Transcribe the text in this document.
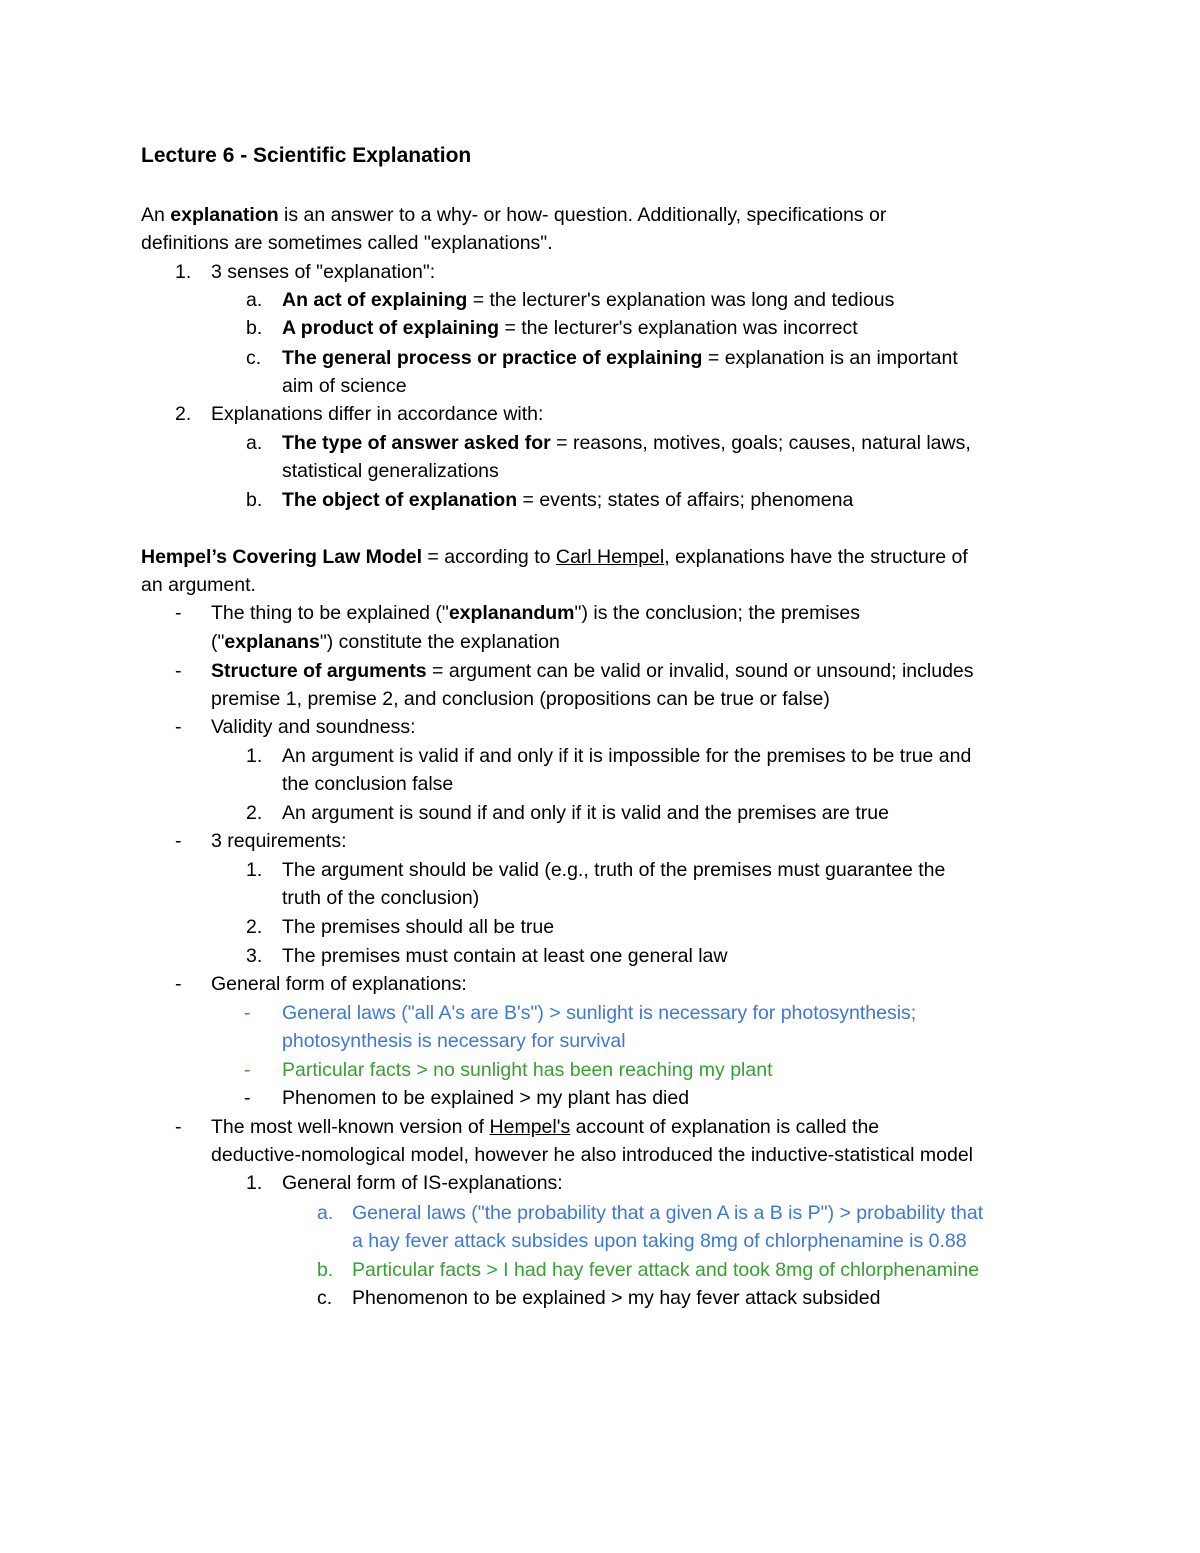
Lecture 6 - Scientific Explanation
An explanation is an answer to a why- or how- question. Additionally, specifications or
definitions are sometimes called "explanations".
1. 3 senses of "explanation":
a. An act of explaining = the lecturer's explanation was long and tedious
b. A product of explaining = the lecturer's explanation was incorrect
c. The general process or practice of explaining = explanation is an important
aim of science
2. Explanations differ in accordance with:
a. The type of answer asked for = reasons, motives, goals; causes, natural laws,
statistical generalizations
b. The object of explanation = events; states of affairs; phenomena
Hempel’s Covering Law Model = according to Carl Hempel, explanations have the structure of
an argument.
- The thing to be explained ("explanandum") is the conclusion; the premises
("explanans") constitute the explanation
- Structure of arguments = argument can be valid or invalid, sound or unsound; includes
premise 1, premise 2, and conclusion (propositions can be true or false)
- Validity and soundness:
1. An argument is valid if and only if it is impossible for the premises to be true and
the conclusion false
2. An argument is sound if and only if it is valid and the premises are true
- 3 requirements:
1. The argument should be valid (e.g., truth of the premises must guarantee the
truth of the conclusion)
2. The premises should all be true
3. The premises must contain at least one general law
- General form of explanations:
- General laws ("all A's are B's") > sunlight is necessary for photosynthesis;
photosynthesis is necessary for survival
- Particular facts > no sunlight has been reaching my plant
- Phenomen to be explained > my plant has died
- The most well-known version of Hempel's account of explanation is called the
deductive-nomological model, however he also introduced the inductive-statistical model
1. General form of IS-explanations:
a. General laws ("the probability that a given A is a B is P") > probability that
a hay fever attack subsides upon taking 8mg of chlorphenamine is 0.88
b. Particular facts > I had hay fever attack and took 8mg of chlorphenamine
c. Phenomenon to be explained > my hay fever attack subsided
